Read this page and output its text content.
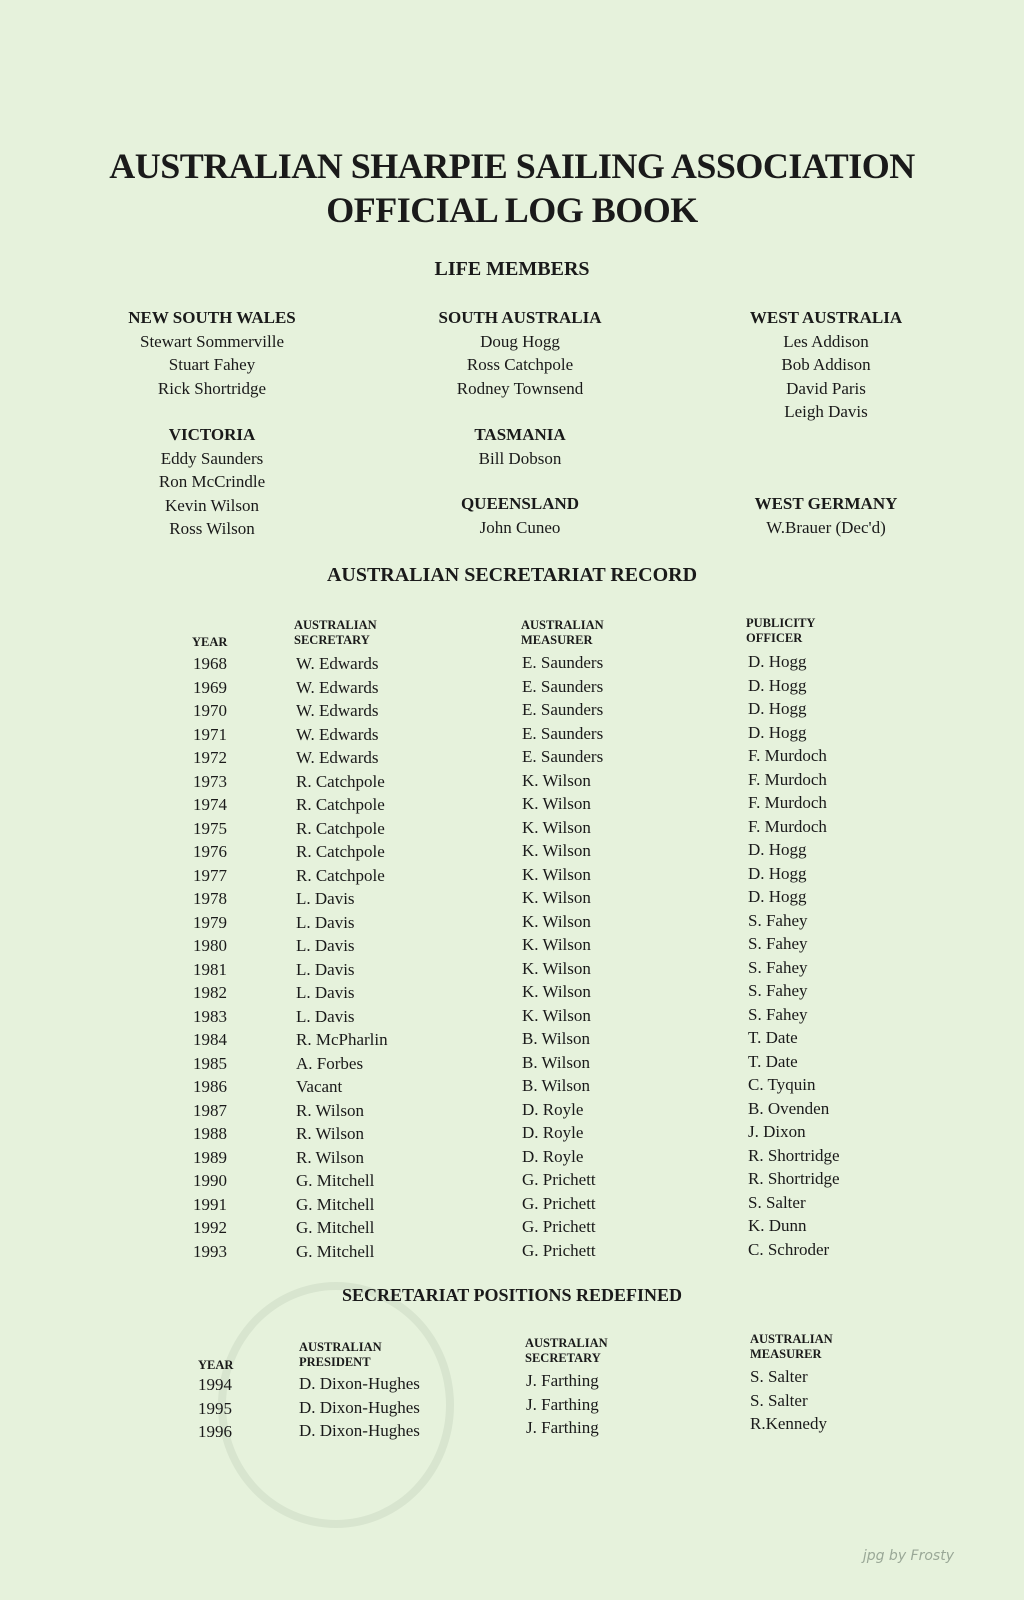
AUSTRALIAN SHARPIE SAILING ASSOCIATION
OFFICIAL LOG BOOK
LIFE MEMBERS
NEW SOUTH WALES
Stewart Sommerville
Stuart Fahey
Rick Shortridge
SOUTH AUSTRALIA
Doug Hogg
Ross Catchpole
Rodney Townsend
WEST AUSTRALIA
Les Addison
Bob Addison
David Paris
Leigh Davis
VICTORIA
Eddy Saunders
Ron McCrindle
Kevin Wilson
Ross Wilson
TASMANIA
Bill Dobson
QUEENSLAND
John Cuneo
WEST GERMANY
W.Brauer (Dec'd)
AUSTRALIAN SECRETARIAT RECORD
YEAR
AUSTRALIAN
SECRETARY
AUSTRALIAN
MEASURER
PUBLICITY
OFFICER
1968
1969
1970
1971
1972
1973
1974
1975
1976
1977
1978
1979
1980
1981
1982
1983
1984
1985
1986
1987
1988
1989
1990
1991
1992
1993
W. Edwards
W. Edwards
W. Edwards
W. Edwards
W. Edwards
R. Catchpole
R. Catchpole
R. Catchpole
R. Catchpole
R. Catchpole
L. Davis
L. Davis
L. Davis
L. Davis
L. Davis
L. Davis
R. McPharlin
A. Forbes
Vacant
R. Wilson
R. Wilson
R. Wilson
G. Mitchell
G. Mitchell
G. Mitchell
G. Mitchell
E. Saunders
E. Saunders
E. Saunders
E. Saunders
E. Saunders
K. Wilson
K. Wilson
K. Wilson
K. Wilson
K. Wilson
K. Wilson
K. Wilson
K. Wilson
K. Wilson
K. Wilson
K. Wilson
B. Wilson
B. Wilson
B. Wilson
D. Royle
D. Royle
D. Royle
G. Prichett
G. Prichett
G. Prichett
G. Prichett
D. Hogg
D. Hogg
D. Hogg
D. Hogg
F. Murdoch
F. Murdoch
F. Murdoch
F. Murdoch
D. Hogg
D. Hogg
D. Hogg
S. Fahey
S. Fahey
S. Fahey
S. Fahey
S. Fahey
T. Date
T. Date
C. Tyquin
B. Ovenden
J. Dixon
R. Shortridge
R. Shortridge
S. Salter
K. Dunn
C. Schroder
SECRETARIAT POSITIONS REDEFINED
YEAR
AUSTRALIAN
PRESIDENT
AUSTRALIAN
SECRETARY
AUSTRALIAN
MEASURER
1994
1995
1996
D. Dixon-Hughes
D. Dixon-Hughes
D. Dixon-Hughes
J. Farthing
J. Farthing
J. Farthing
S. Salter
S. Salter
R.Kennedy
jpg by Frosty
